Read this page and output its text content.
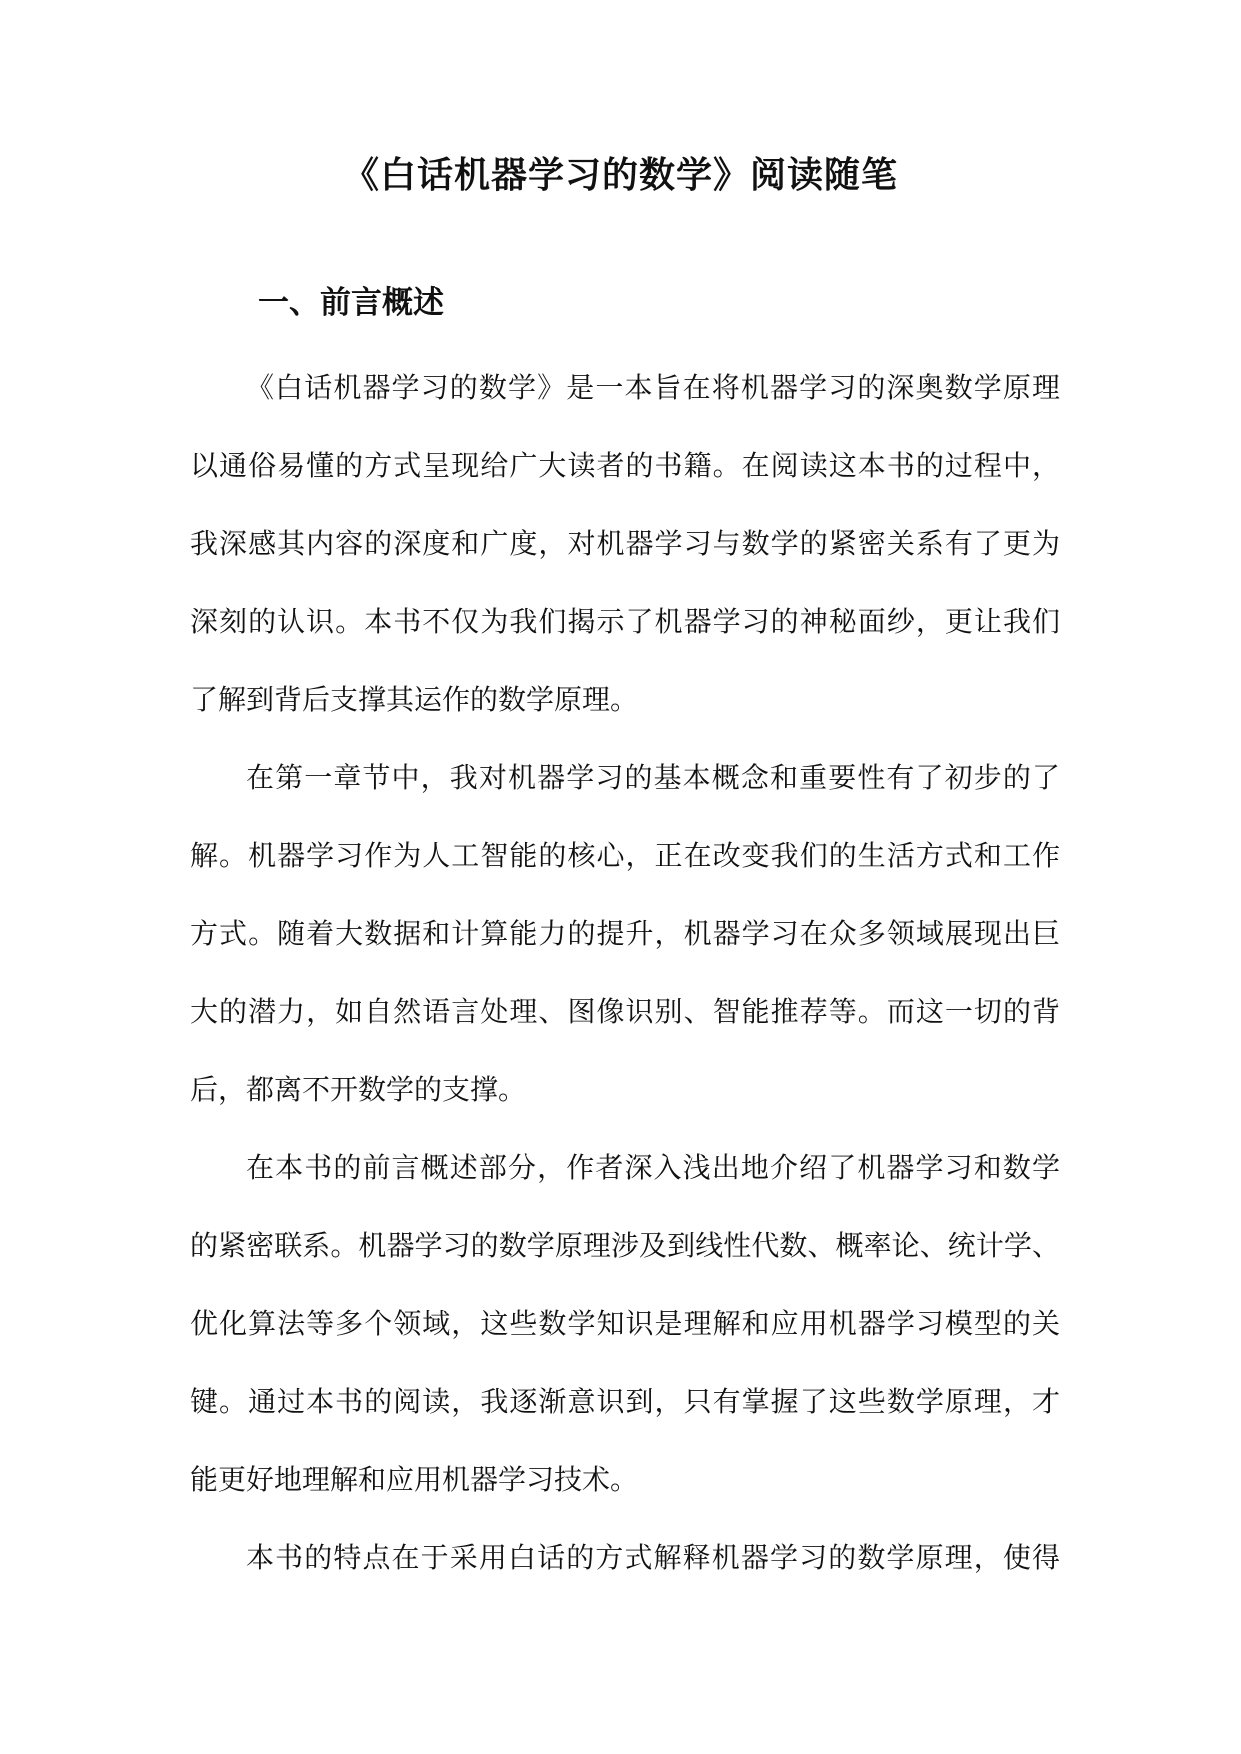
《白话机器学习的数学》阅读随笔
一、前言概述
《白话机器学习的数学》是一本旨在将机器学习的深奥数学原理
以通俗易懂的方式呈现给广大读者的书籍。在阅读这本书的过程中，
我深感其内容的深度和广度，对机器学习与数学的紧密关系有了更为
深刻的认识。本书不仅为我们揭示了机器学习的神秘面纱，更让我们
了解到背后支撑其运作的数学原理。
在第一章节中，我对机器学习的基本概念和重要性有了初步的了
解。机器学习作为人工智能的核心，正在改变我们的生活方式和工作
方式。随着大数据和计算能力的提升，机器学习在众多领域展现出巨
大的潜力，如自然语言处理、图像识别、智能推荐等。而这一切的背
后，都离不开数学的支撑。
在本书的前言概述部分，作者深入浅出地介绍了机器学习和数学
的紧密联系。机器学习的数学原理涉及到线性代数、概率论、统计学、
优化算法等多个领域，这些数学知识是理解和应用机器学习模型的关
键。通过本书的阅读，我逐渐意识到，只有掌握了这些数学原理，才
能更好地理解和应用机器学习技术。
本书的特点在于采用白话的方式解释机器学习的数学原理，使得
